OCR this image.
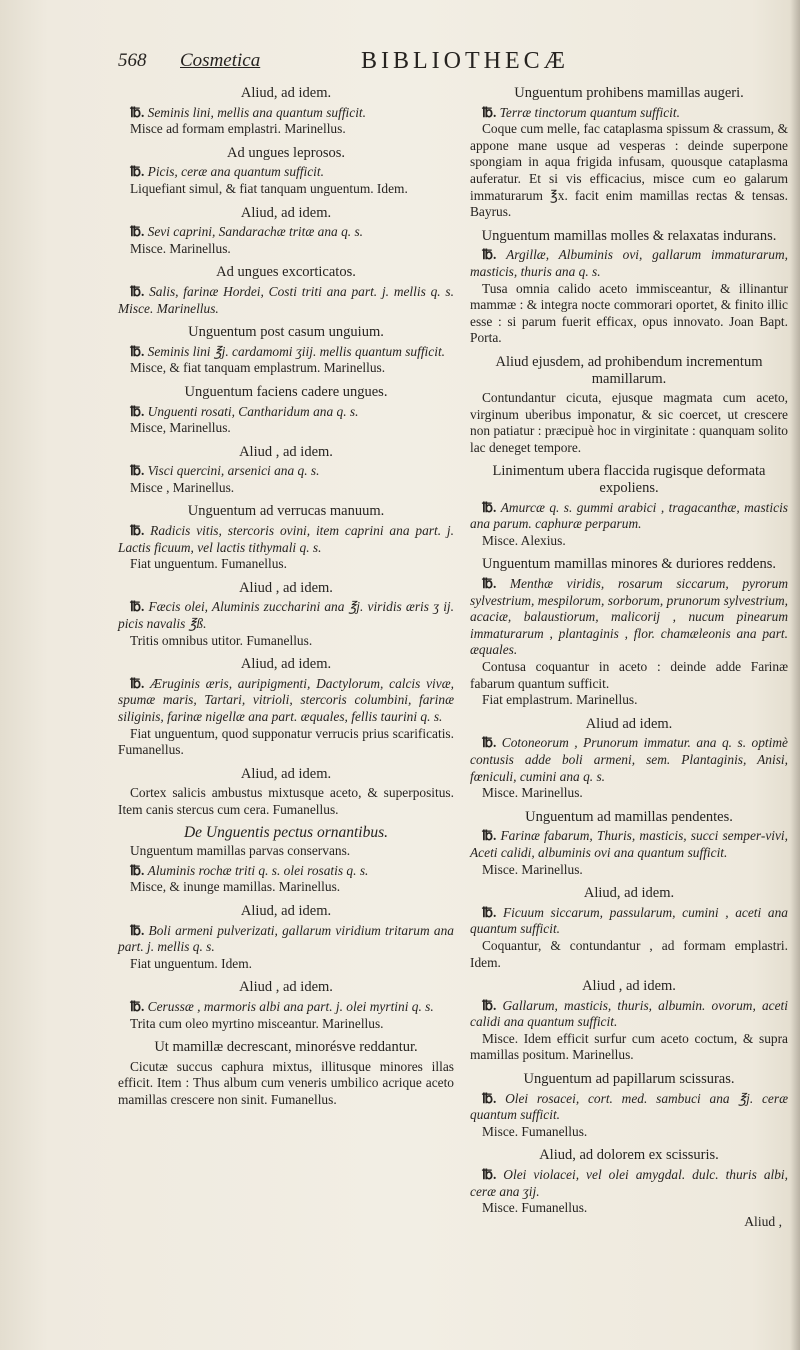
568 Cosmetica	BIBLIOTHECÆ

Aliud, ad idem.

℔. Seminis lini, mellis ana quantum sufficit.

Misce ad formam emplastri. Marinellus.

Ad ungues leprosos.

℔. Picis, ceræ ana quantum sufficit.

Liquefiant simul, & fiat tanquam unguentum. Idem.

Aliud, ad idem.

℔. Sevi caprini, Sandarachæ tritæ ana q. s.

Misce. Marinellus.

Ad ungues excorticatos.

℔. Salis, farinæ Hordei, Costi triti ana part. j. mellis q. s. Misce. Marinellus.

Unguentum post casum unguium.

℔. Seminis lini ℥j. cardamomi ʒiij. mellis quantum sufficit.

Misce, & fiat tanquam emplastrum. Marinellus.

Unguentum faciens cadere ungues.

℔. Unguenti rosati, Cantharidum ana q. s.

Misce, Marinellus.

Aliud , ad idem.

℔. Visci quercini, arsenici ana q. s.

Misce , Marinellus.

Unguentum ad verrucas manuum.

℔. Radicis vitis, stercoris ovini, item caprini ana part. j. Lactis ficuum, vel lactis tithymali q. s.

Fiat unguentum. Fumanellus.

Aliud , ad idem.

℔. Fæcis olei, Aluminis zuccharini ana ℥j. viridis æris ʒ ij. picis navalis ℥ß.

Tritis omnibus utitor. Fumanellus.

Aliud, ad idem.

℔. Æruginis æris, auripigmenti, Dactylorum, calcis vivæ, spumæ maris, Tartari, vitrioli, stercoris columbini, farinæ siliginis, farinæ nigellæ ana part. æquales, fellis taurini q. s.

Fiat unguentum, quod supponatur verrucis prius scarificatis. Fumanellus.

Aliud, ad idem.

Cortex salicis ambustus mixtusque aceto, & superpositus. Item canis stercus cum cera. Fumanellus.

De Unguentis pectus ornantibus.

Unguentum mamillas parvas conservans.

℔. Aluminis rochæ triti q. s. olei rosatis q. s.

Misce, & inunge mamillas. Marinellus.

Aliud, ad idem.

℔. Boli armeni pulverizati, gallarum viridium tritarum ana part. j. mellis q. s.

Fiat unguentum. Idem.

Aliud , ad idem.

℔. Cerussæ , marmoris albi ana part. j. olei myrtini q. s.

Trita cum oleo myrtino misceantur. Marinellus.

Ut mamillæ decrescant, minorésve reddantur.

Cicutæ succus caphura mixtus, illitusque minores illas efficit. Item : Thus album cum veneris umbilico acrique aceto mamillas crescere non sinit. Fumanellus.

Unguentum prohibens mamillas augeri.

℔. Terræ tinctorum quantum sufficit.

Coque cum melle, fac cataplasma spissum & crassum, & appone mane usque ad vesperas : deinde superpone spongiam in aqua frigida infusam, quousque cataplasma auferatur. Et si vis efficacius, misce cum eo galarum immaturarum ℥x. facit enim mamillas rectas & tensas. Bayrus.

Unguentum mamillas molles & relaxatas indurans.

℔. Argillæ, Albuminis ovi, gallarum immaturarum, masticis, thuris ana q. s.

Tusa omnia calido aceto immisceantur, & illinantur mammæ : & integra nocte commorari oportet, & finito illic esse : si parum fuerit efficax, opus innovato. Joan Bapt. Porta.

Aliud ejusdem, ad prohibendum incrementum mamillarum.

Contundantur cicuta, ejusque magmata cum aceto, virginum uberibus imponatur, & sic coercet, ut crescere non patiatur : præcipuè hoc in virginitate : quanquam solito lac deneget tempore.

Linimentum ubera flaccida rugisque deformata expoliens.

℔. Amurcæ q. s. gummi arabici , tragacanthæ, masticis ana parum. caphuræ perparum.

Misce. Alexius.

Unguentum mamillas minores & duriores reddens.

℔. Menthæ viridis, rosarum siccarum, pyrorum sylvestrium, mespilorum, sorborum, prunorum sylvestrium, acaciæ, balaustiorum, malicorij , nucum pinearum immaturarum , plantaginis , flor. chamæleonis ana part. æquales.

Contusa coquantur in aceto : deinde adde Farinæ fabarum quantum sufficit.

Fiat emplastrum. Marinellus.

Aliud ad idem.

℔. Cotoneorum , Prunorum immatur. ana q. s. optimè contusis adde boli armeni, sem. Plantaginis, Anisi, fœniculi, cumini ana q. s.

Misce. Marinellus.

Unguentum ad mamillas pendentes.

℔. Farinæ fabarum, Thuris, masticis, succi semper-vivi, Aceti calidi, albuminis ovi ana quantum sufficit.

Misce. Marinellus.

Aliud, ad idem.

℔. Ficuum siccarum, passularum, cumini , aceti ana quantum sufficit.

Coquantur, & contundantur , ad formam emplastri. Idem.

Aliud , ad idem.

℔. Gallarum, masticis, thuris, albumin. ovorum, aceti calidi ana quantum sufficit.

Misce. Idem efficit surfur cum aceto coctum, & supra mamillas positum. Marinellus.

Unguentum ad papillarum scissuras.

℔. Olei rosacei, cort. med. sambuci ana ℥j. ceræ quantum sufficit.

Misce. Fumanellus.

Aliud, ad dolorem ex scissuris.

℔. Olei violacei, vel olei amygdal. dulc. thuris albi, ceræ ana ʒij.

Misce. Fumanellus.

Aliud ,
